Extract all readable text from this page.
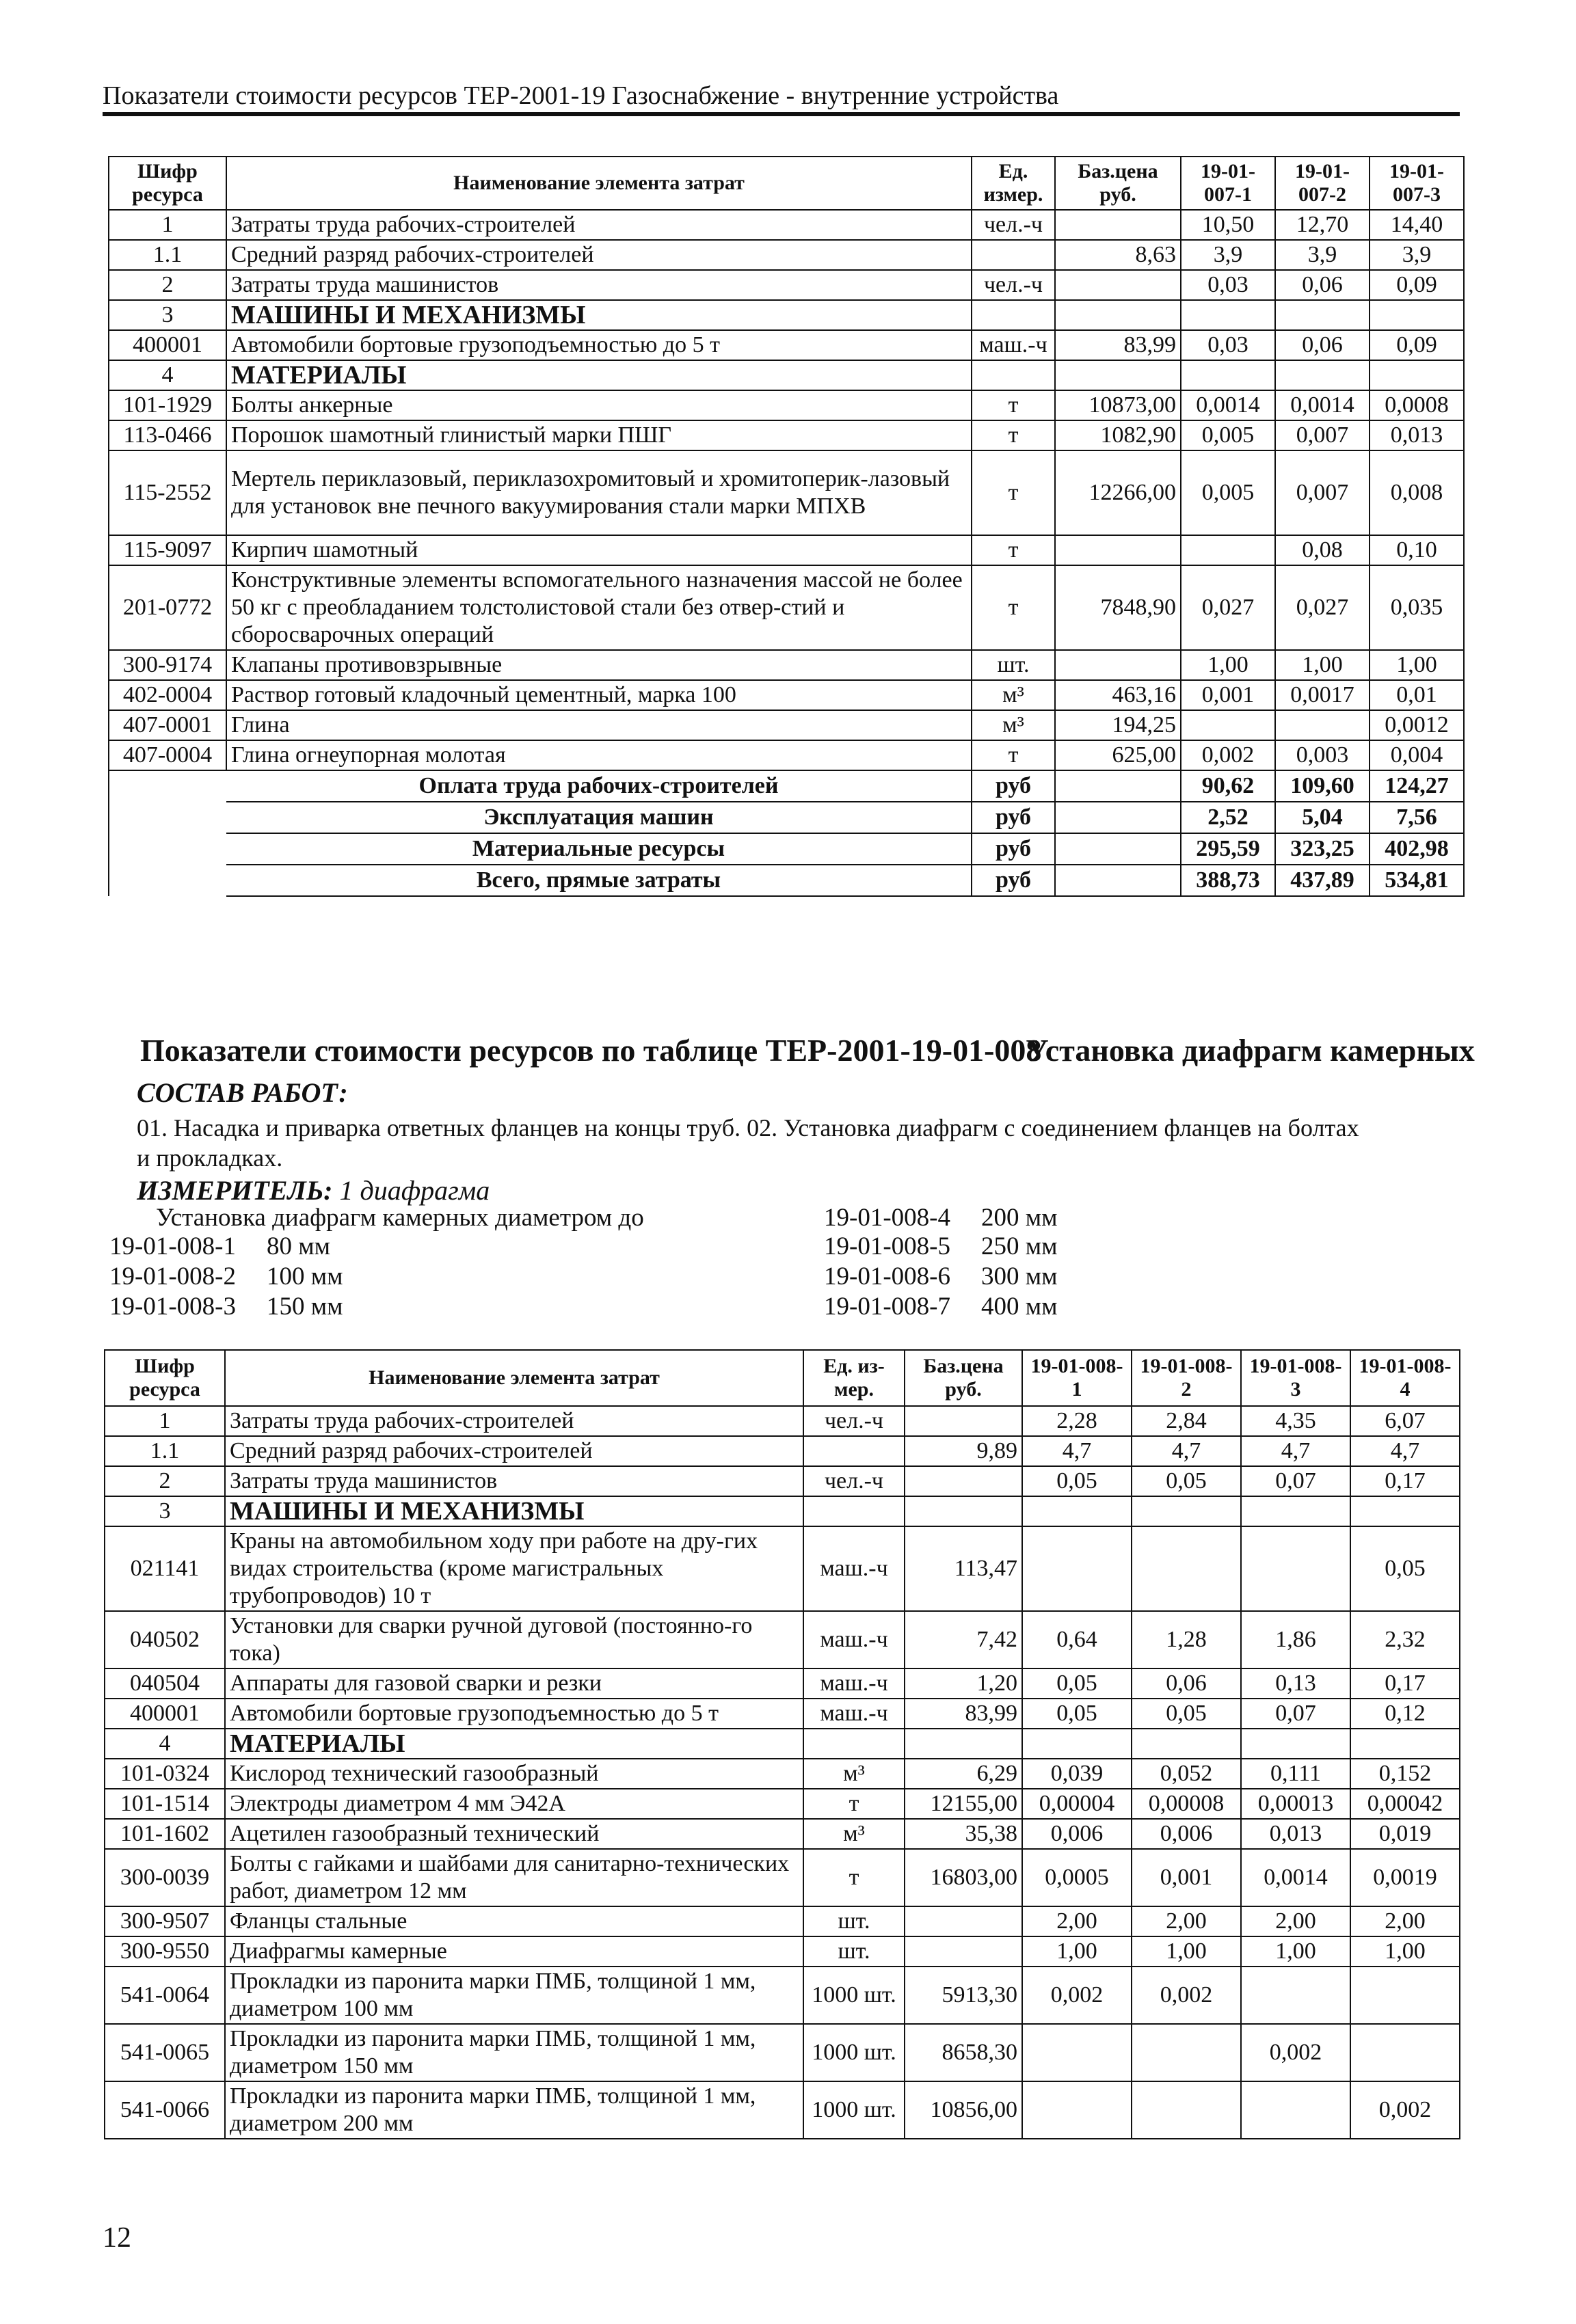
Показатели стоимости ресурсов ТЕР-2001-19 Газоснабжение - внутренние устройства
Шифр ресурса	Наименование элемента затрат	Ед. измер.	Баз.цена руб.	19-01-007-1	19-01-007-2	19-01-007-3
1	Затраты труда рабочих-строителей	чел.-ч		10,50	12,70	14,40
1.1	Средний разряд рабочих-строителей		8,63	3,9	3,9	3,9
2	Затраты труда машинистов	чел.-ч		0,03	0,06	0,09
3	МАШИНЫ И МЕХАНИЗМЫ					
400001	Автомобили бортовые грузоподъемностью до 5 т	маш.-ч	83,99	0,03	0,06	0,09
4	МАТЕРИАЛЫ					
101-1929	Болты анкерные	т	10873,00	0,0014	0,0014	0,0008
113-0466	Порошок шамотный глинистый марки ПШГ	т	1082,90	0,005	0,007	0,013
115-2552	Мертель периклазовый, периклазохромитовый и хромитоперик-лазовый для установок вне печного вакуумирования стали марки МПХВ	т	12266,00	0,005	0,007	0,008
115-9097	Кирпич шамотный	т			0,08	0,10
201-0772	Конструктивные элементы вспомогательного назначения массой не более 50 кг с преобладанием толстолистовой стали без отвер-стий и сборосварочных операций	т	7848,90	0,027	0,027	0,035
300-9174	Клапаны противовзрывные	шт.		1,00	1,00	1,00
402-0004	Раствор готовый кладочный цементный, марка 100	м³	463,16	0,001	0,0017	0,01
407-0001	Глина	м³	194,25			0,0012
407-0004	Глина огнеупорная молотая	т	625,00	0,002	0,003	0,004
	Оплата труда рабочих-строителей	руб		90,62	109,60	124,27
	Эксплуатация машин	руб		2,52	5,04	7,56
	Материальные ресурсы	руб		295,59	323,25	402,98
	Всего, прямые затраты	руб		388,73	437,89	534,81
Показатели стоимости ресурсов по таблице ТЕР-2001-19-01-008
Установка диафрагм камерных
СОСТАВ РАБОТ:
01. Насадка и приварка ответных фланцев на концы труб. 02. Установка диафрагм с соединением фланцев на болтах
и прокладках.
ИЗМЕРИТЕЛЬ: 1 диафрагма
Установка диафрагм камерных диаметром до
19-01-008-1 80 мм
19-01-008-2 100 мм
19-01-008-3 150 мм
19-01-008-4 200 мм
19-01-008-5 250 мм
19-01-008-6 300 мм
19-01-008-7 400 мм
Шифр ресурса	Наименование элемента затрат	Ед. из-мер.	Баз.цена руб.	19-01-008-1	19-01-008-2	19-01-008-3	19-01-008-4
1	Затраты труда рабочих-строителей	чел.-ч		2,28	2,84	4,35	6,07
1.1	Средний разряд рабочих-строителей		9,89	4,7	4,7	4,7	4,7
2	Затраты труда машинистов	чел.-ч		0,05	0,05	0,07	0,17
3	МАШИНЫ И МЕХАНИЗМЫ						
021141	Краны на автомобильном ходу при работе на дру-гих видах строительства (кроме магистральных трубопроводов) 10 т	маш.-ч	113,47				0,05
040502	Установки для сварки ручной дуговой (постоянно-го тока)	маш.-ч	7,42	0,64	1,28	1,86	2,32
040504	Аппараты для газовой сварки и резки	маш.-ч	1,20	0,05	0,06	0,13	0,17
400001	Автомобили бортовые грузоподъемностью до 5 т	маш.-ч	83,99	0,05	0,05	0,07	0,12
4	МАТЕРИАЛЫ						
101-0324	Кислород технический газообразный	м³	6,29	0,039	0,052	0,111	0,152
101-1514	Электроды диаметром 4 мм Э42А	т	12155,00	0,00004	0,00008	0,00013	0,00042
101-1602	Ацетилен газообразный технический	м³	35,38	0,006	0,006	0,013	0,019
300-0039	Болты с гайками и шайбами для санитарно-технических работ, диаметром 12 мм	т	16803,00	0,0005	0,001	0,0014	0,0019
300-9507	Фланцы стальные	шт.		2,00	2,00	2,00	2,00
300-9550	Диафрагмы камерные	шт.		1,00	1,00	1,00	1,00
541-0064	Прокладки из паронита марки ПМБ, толщиной 1 мм, диаметром 100 мм	1000 шт.	5913,30	0,002	0,002		
541-0065	Прокладки из паронита марки ПМБ, толщиной 1 мм, диаметром 150 мм	1000 шт.	8658,30			0,002	
541-0066	Прокладки из паронита марки ПМБ, толщиной 1 мм, диаметром 200 мм	1000 шт.	10856,00				0,002
12
